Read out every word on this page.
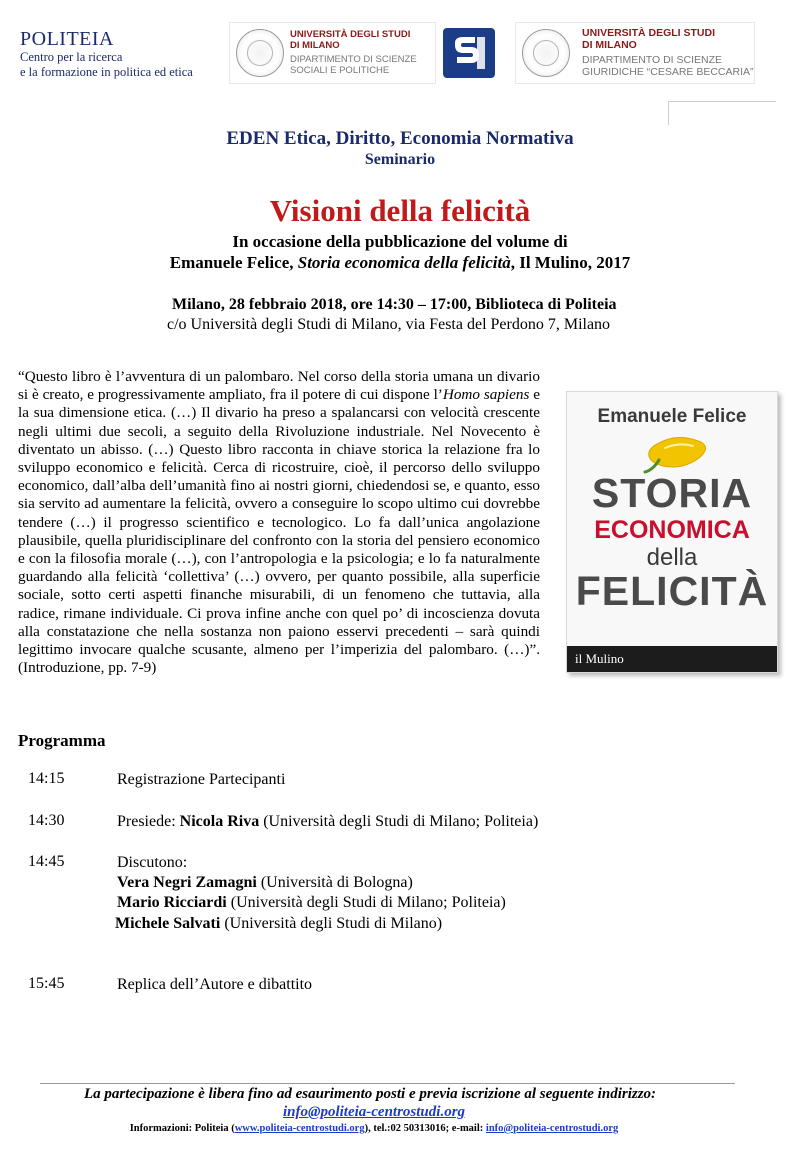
POLITEIA
Centro per la ricerca
e la formazione in politica ed etica
UNIVERSITÀ DEGLI STUDI
DI MILANO
DIPARTIMENTO DI SCIENZE
SOCIALI E POLITICHE
UNIVERSITÀ DEGLI STUDI
DI MILANO
DIPARTIMENTO DI SCIENZE
GIURIDICHE “CESARE BECCARIA”
EDEN Etica, Diritto, Economia Normativa
Seminario
Visioni della felicità
In occasione della pubblicazione del volume di
Emanuele Felice, Storia economica della felicità, Il Mulino, 2017
Milano, 28 febbraio 2018, ore 14:30 – 17:00, Biblioteca di Politeia
c/o Università degli Studi di Milano, via Festa del Perdono 7, Milano
“Questo libro è l’avventura di un palombaro. Nel corso della storia umana un divario si è creato, e progressivamente ampliato, fra il potere di cui dispone l’Homo sapiens e la sua dimensione etica. (…) Il divario ha preso a spalancarsi con velocità crescente negli ultimi due secoli, a seguito della Rivoluzione industriale. Nel Novecento è diventato un abisso. (…) Questo libro racconta in chiave storica la relazione fra lo sviluppo economico e felicità. Cerca di ricostruire, cioè, il percorso dello sviluppo economico, dall’alba dell’umanità fino ai nostri giorni, chiedendosi se, e quanto, esso sia servito ad aumentare la felicità, ovvero a conseguire lo scopo ultimo cui dovrebbe tendere (…) il progresso scientifico e tecnologico. Lo fa dall’unica angolazione plausibile, quella pluridisciplinare del confronto con la storia del pensiero economico e con la filosofia morale (…), con l’antropologia e la psicologia; e lo fa naturalmente guardando alla felicità ‘collettiva’ (…) ovvero, per quanto possibile, alla superficie sociale, sotto certi aspetti finanche misurabili, di un fenomeno che tuttavia, alla radice, rimane individuale. Ci prova infine anche con quel po’ di incoscienza dovuta alla constatazione che nella sostanza non paiono esservi precedenti – sarà quindi legittimo invocare qualche scusante, almeno per l’imperizia del palombaro. (…)”. (Introduzione, pp. 7-9)
Emanuele Felice
STORIA
ECONOMICA
della
FELICITÀ
il Mulino
Programma
14:15	Registrazione Partecipanti
14:30	Presiede: Nicola Riva (Università degli Studi di Milano; Politeia)
14:45	Discutono:
Vera Negri Zamagni (Università di Bologna)
Mario Ricciardi (Università degli Studi di Milano; Politeia)
Michele Salvati (Università degli Studi di Milano)
15:45	Replica dell’Autore e dibattito
La partecipazione è libera fino ad esaurimento posti e previa iscrizione al seguente indirizzo:
info@politeia-centrostudi.org
Informazioni: Politeia (www.politeia-centrostudi.org), tel.:02 50313016; e-mail: info@politeia-centrostudi.org
